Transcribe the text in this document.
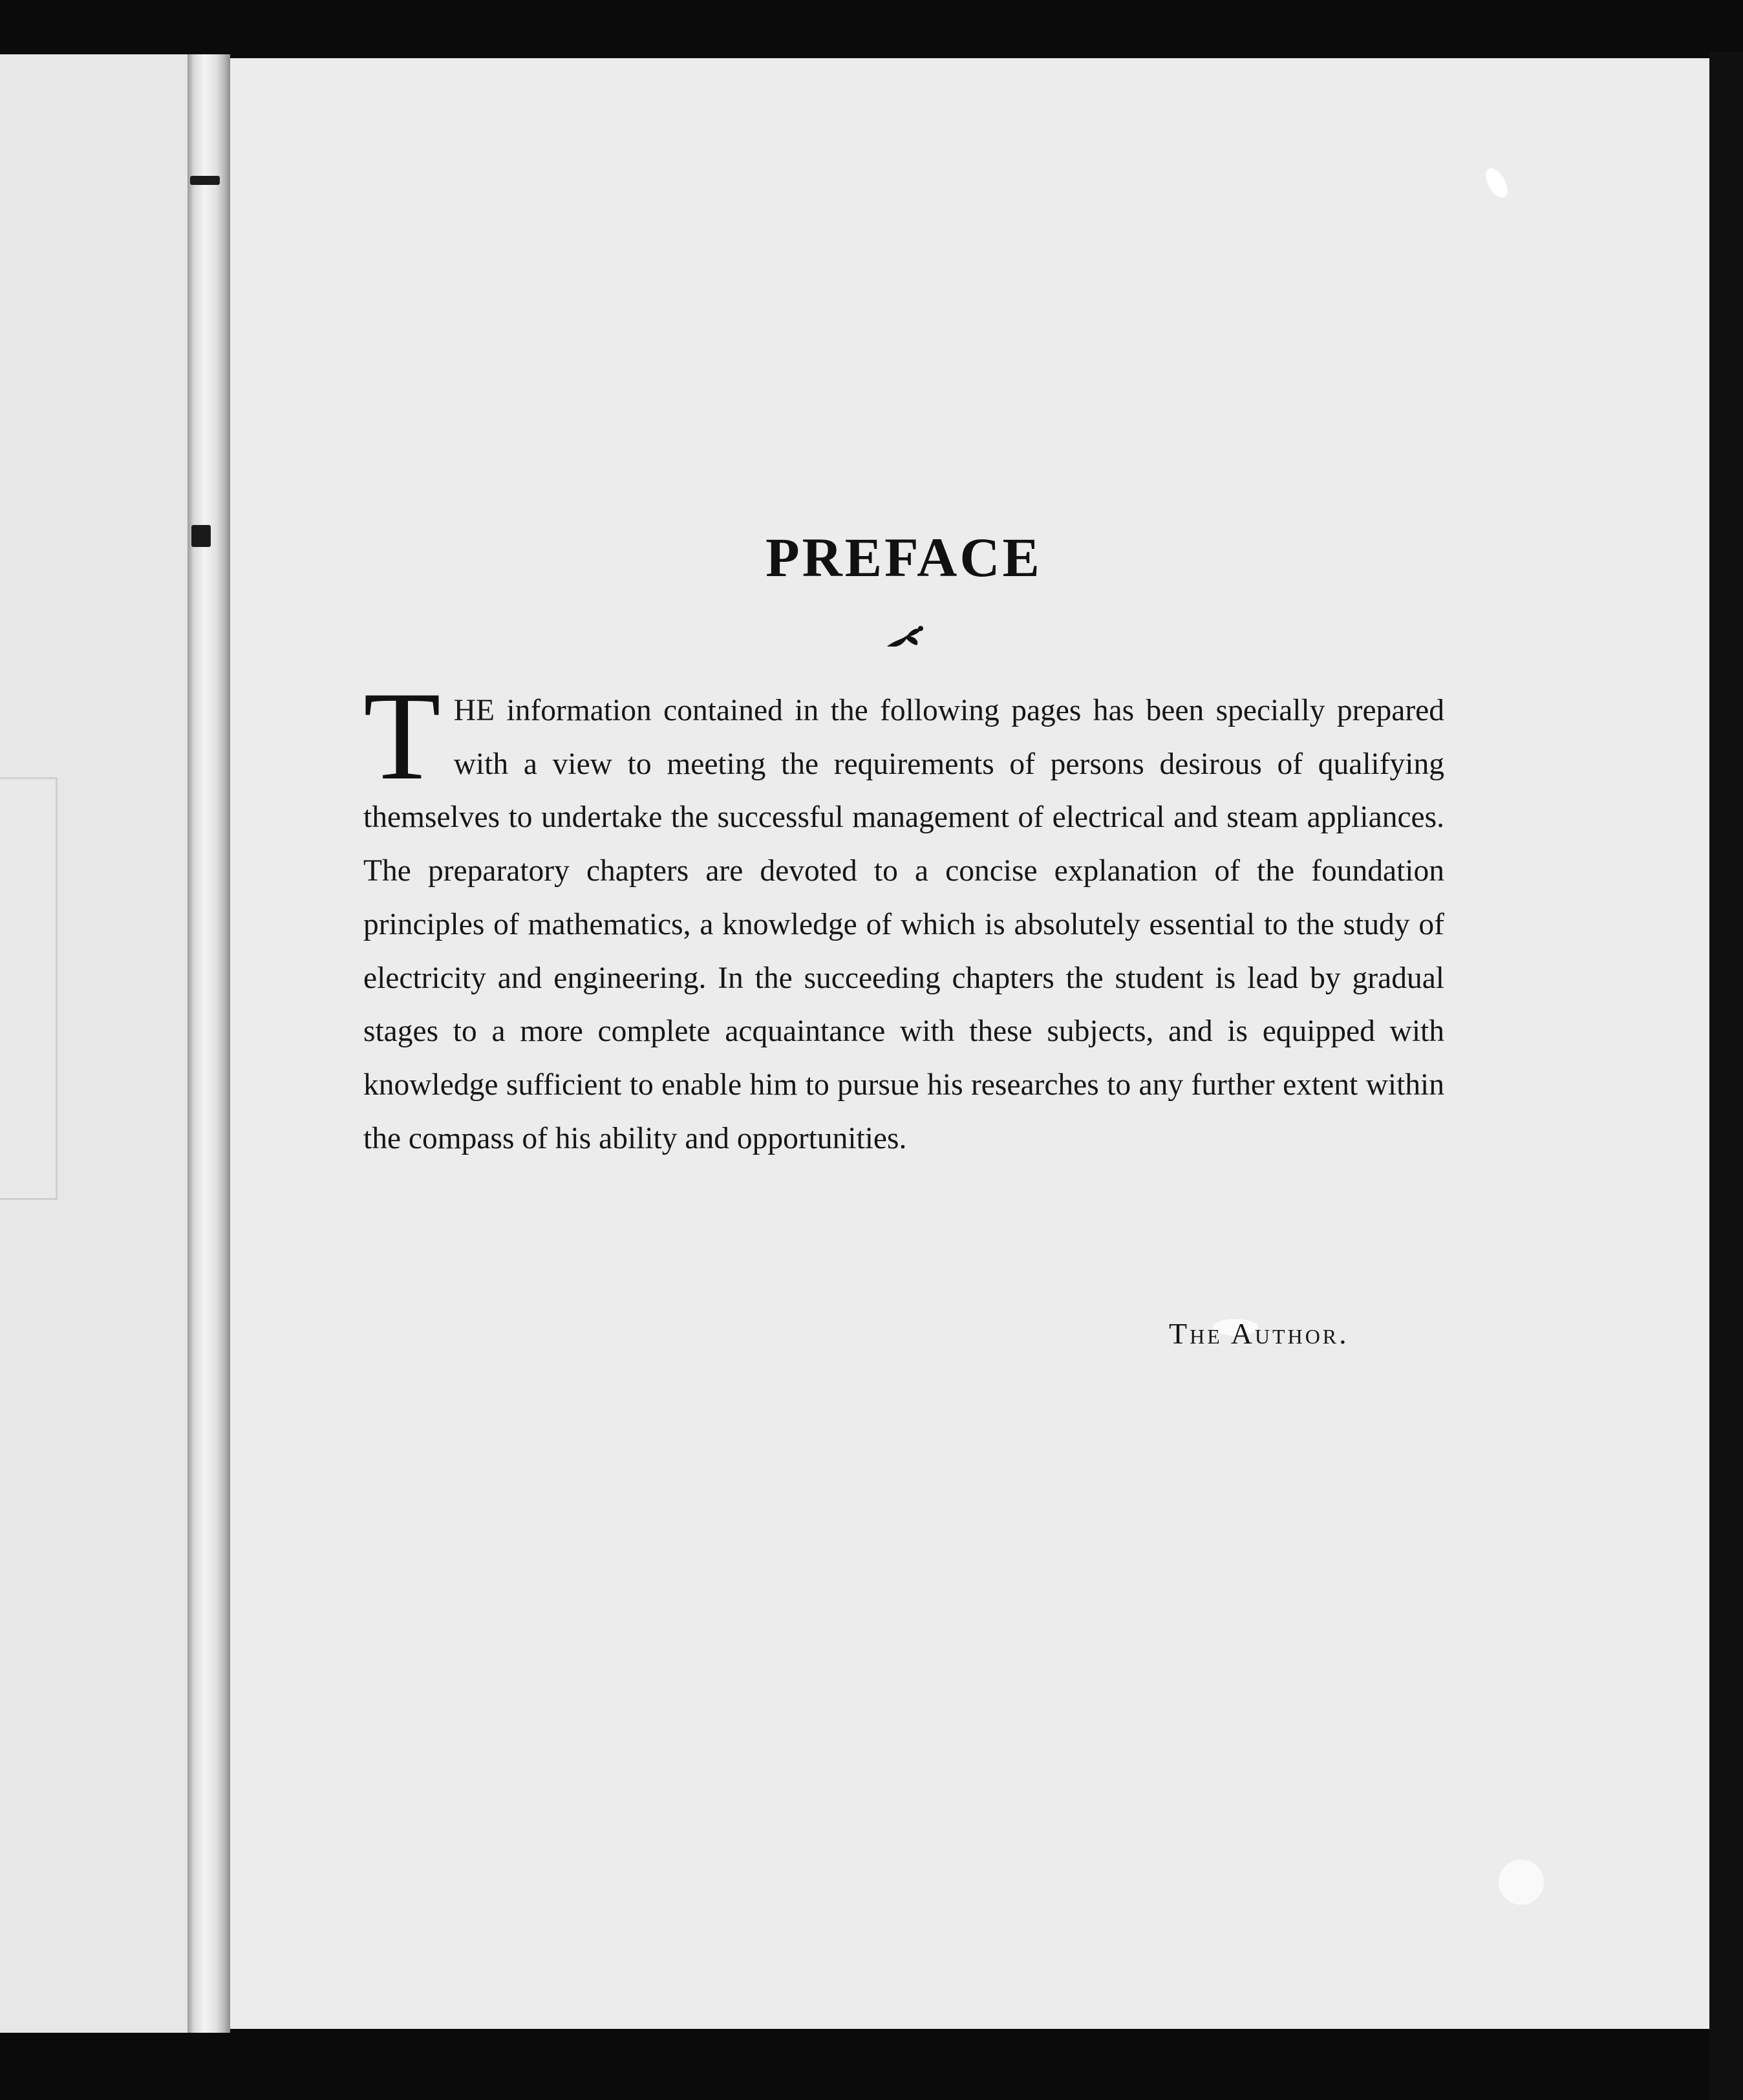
PREFACE
THE information contained in the following pages has been specially prepared with a view to meeting the requirements of persons desirous of qualifying themselves to undertake the successful management of electrical and steam appliances. The preparatory chapters are devoted to a concise explanation of the foundation principles of mathematics, a knowledge of which is absolutely essential to the study of electricity and engineering. In the succeeding chapters the student is lead by gradual stages to a more complete acquaintance with these subjects, and is equipped with knowledge sufficient to enable him to pursue his researches to any further extent within the compass of his ability and opportunities.
The Author.
